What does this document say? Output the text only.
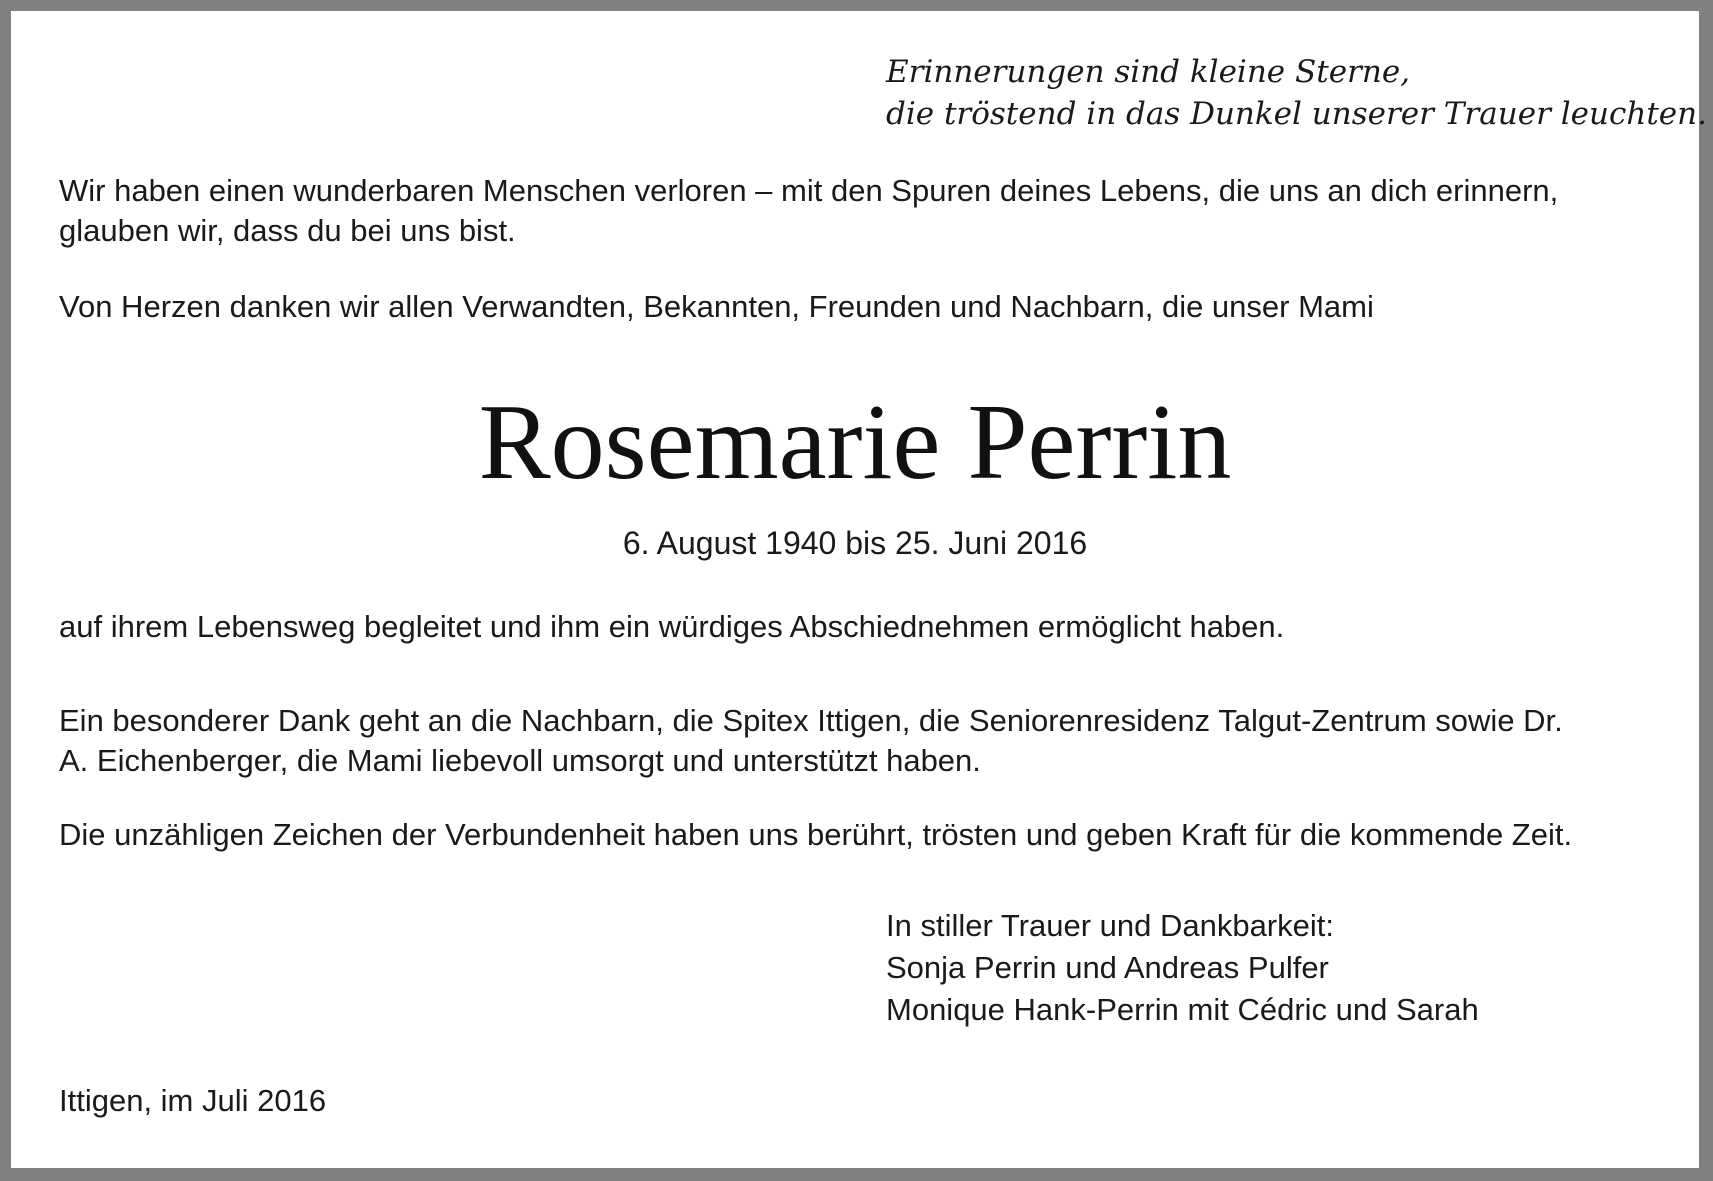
Erinnerungen sind kleine Sterne,
die tröstend in das Dunkel unserer Trauer leuchten.
Wir haben einen wunderbaren Menschen verloren – mit den Spuren deines Lebens, die uns an dich erinnern,
glauben wir, dass du bei uns bist.
Von Herzen danken wir allen Verwandten, Bekannten, Freunden und Nachbarn, die unser Mami
Rosemarie Perrin
6. August 1940 bis 25. Juni 2016
auf ihrem Lebensweg begleitet und ihm ein würdiges Abschiednehmen ermöglicht haben.
Ein besonderer Dank geht an die Nachbarn, die Spitex Ittigen, die Seniorenresidenz Talgut-Zentrum sowie Dr.
A. Eichenberger, die Mami liebevoll umsorgt und unterstützt haben.
Die unzähligen Zeichen der Verbundenheit haben uns berührt, trösten und geben Kraft für die kommende Zeit.
In stiller Trauer und Dankbarkeit:
Sonja Perrin und Andreas Pulfer
Monique Hank-Perrin mit Cédric und Sarah
Ittigen, im Juli 2016
